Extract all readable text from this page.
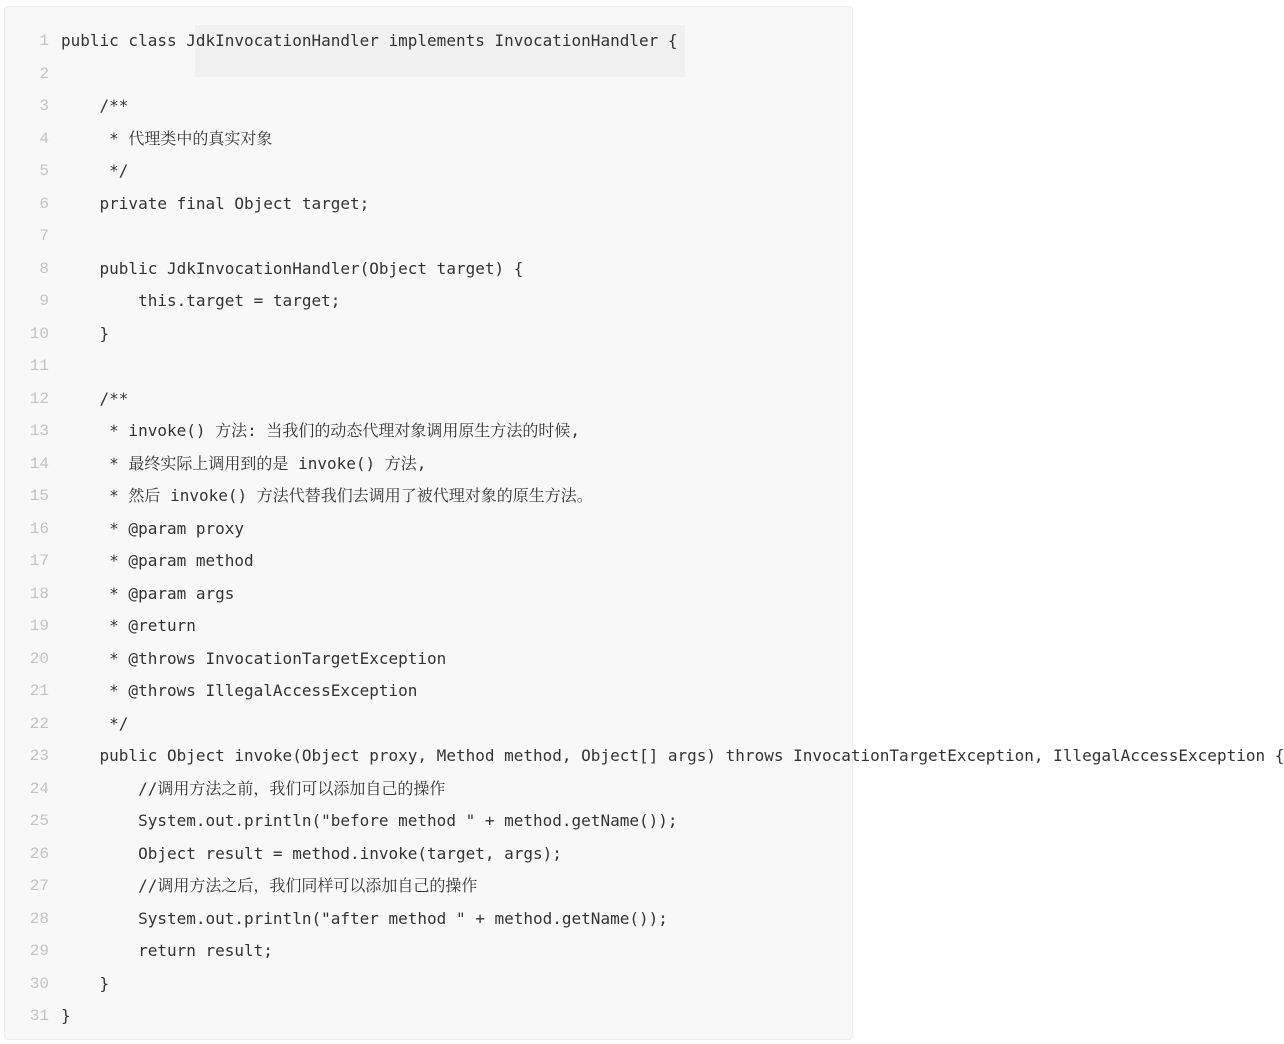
1
2
3
4
5
6
7
8
9
10
11
12
13
14
15
16
17
18
19
20
21
22
23
24
25
26
27
28
29
30
31
public class JdkInvocationHandler implements InvocationHandler {
/**
* 代理类中的真实对象
*/
private final Object target;
public JdkInvocationHandler(Object target) {
this.target = target;
}
/**
* invoke() 方法: 当我们的动态代理对象调用原生方法的时候,
* 最终实际上调用到的是 invoke() 方法,
* 然后 invoke() 方法代替我们去调用了被代理对象的原生方法。
* @param proxy
* @param method
* @param args
* @return
* @throws InvocationTargetException
* @throws IllegalAccessException
*/
public Object invoke(Object proxy, Method method, Object[] args) throws InvocationTargetException, IllegalAccessException {
//调用方法之前，我们可以添加自己的操作
System.out.println("before method " + method.getName());
Object result = method.invoke(target, args);
//调用方法之后，我们同样可以添加自己的操作
System.out.println("after method " + method.getName());
return result;
}
}
